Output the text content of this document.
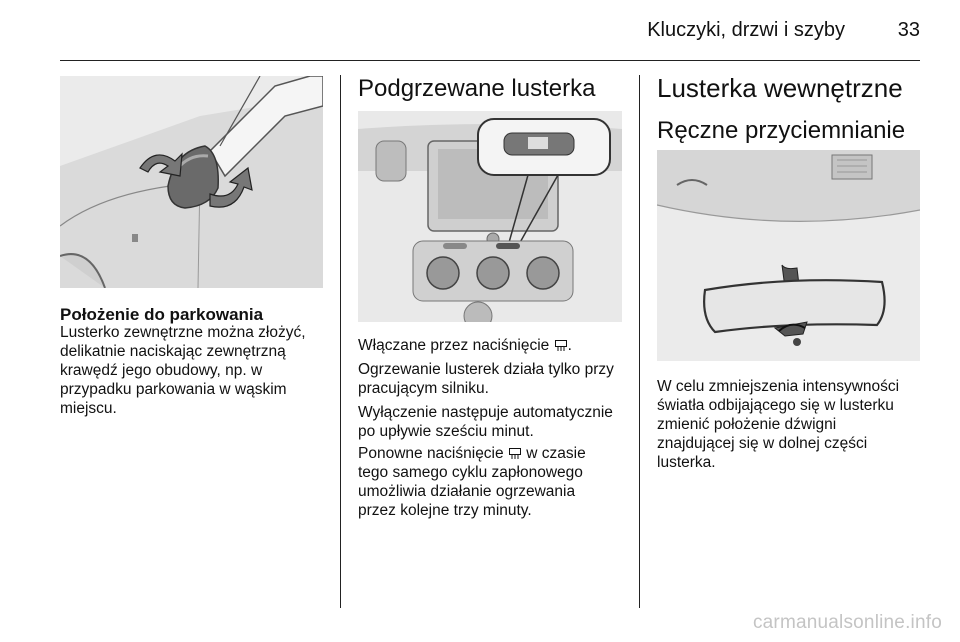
Kluczyki, drzwi i szyby	33
Położenie do parkowania
Lusterko zewnętrzne można złożyć,
delikatnie naciskając zewnętrzną
krawędź jego obudowy, np. w
przypadku parkowania w wąskim
miejscu.
Podgrzewane lusterka
Włączane przez naciśnięcie .
Ogrzewanie lusterek działa tylko przy
pracującym silniku.
Wyłączenie następuje automatycznie
po upływie sześciu minut.
Ponowne naciśnięcie w czasie
tego samego cyklu zapłonowego
umożliwia działanie ogrzewania
przez kolejne trzy minuty.
Lusterka wewnętrzne
Ręczne przyciemnianie
W celu zmniejszenia intensywności
światła odbijającego się w lusterku
zmienić położenie dźwigni
znajdującej się w dolnej części
lusterka.
carmanualsonline.info
